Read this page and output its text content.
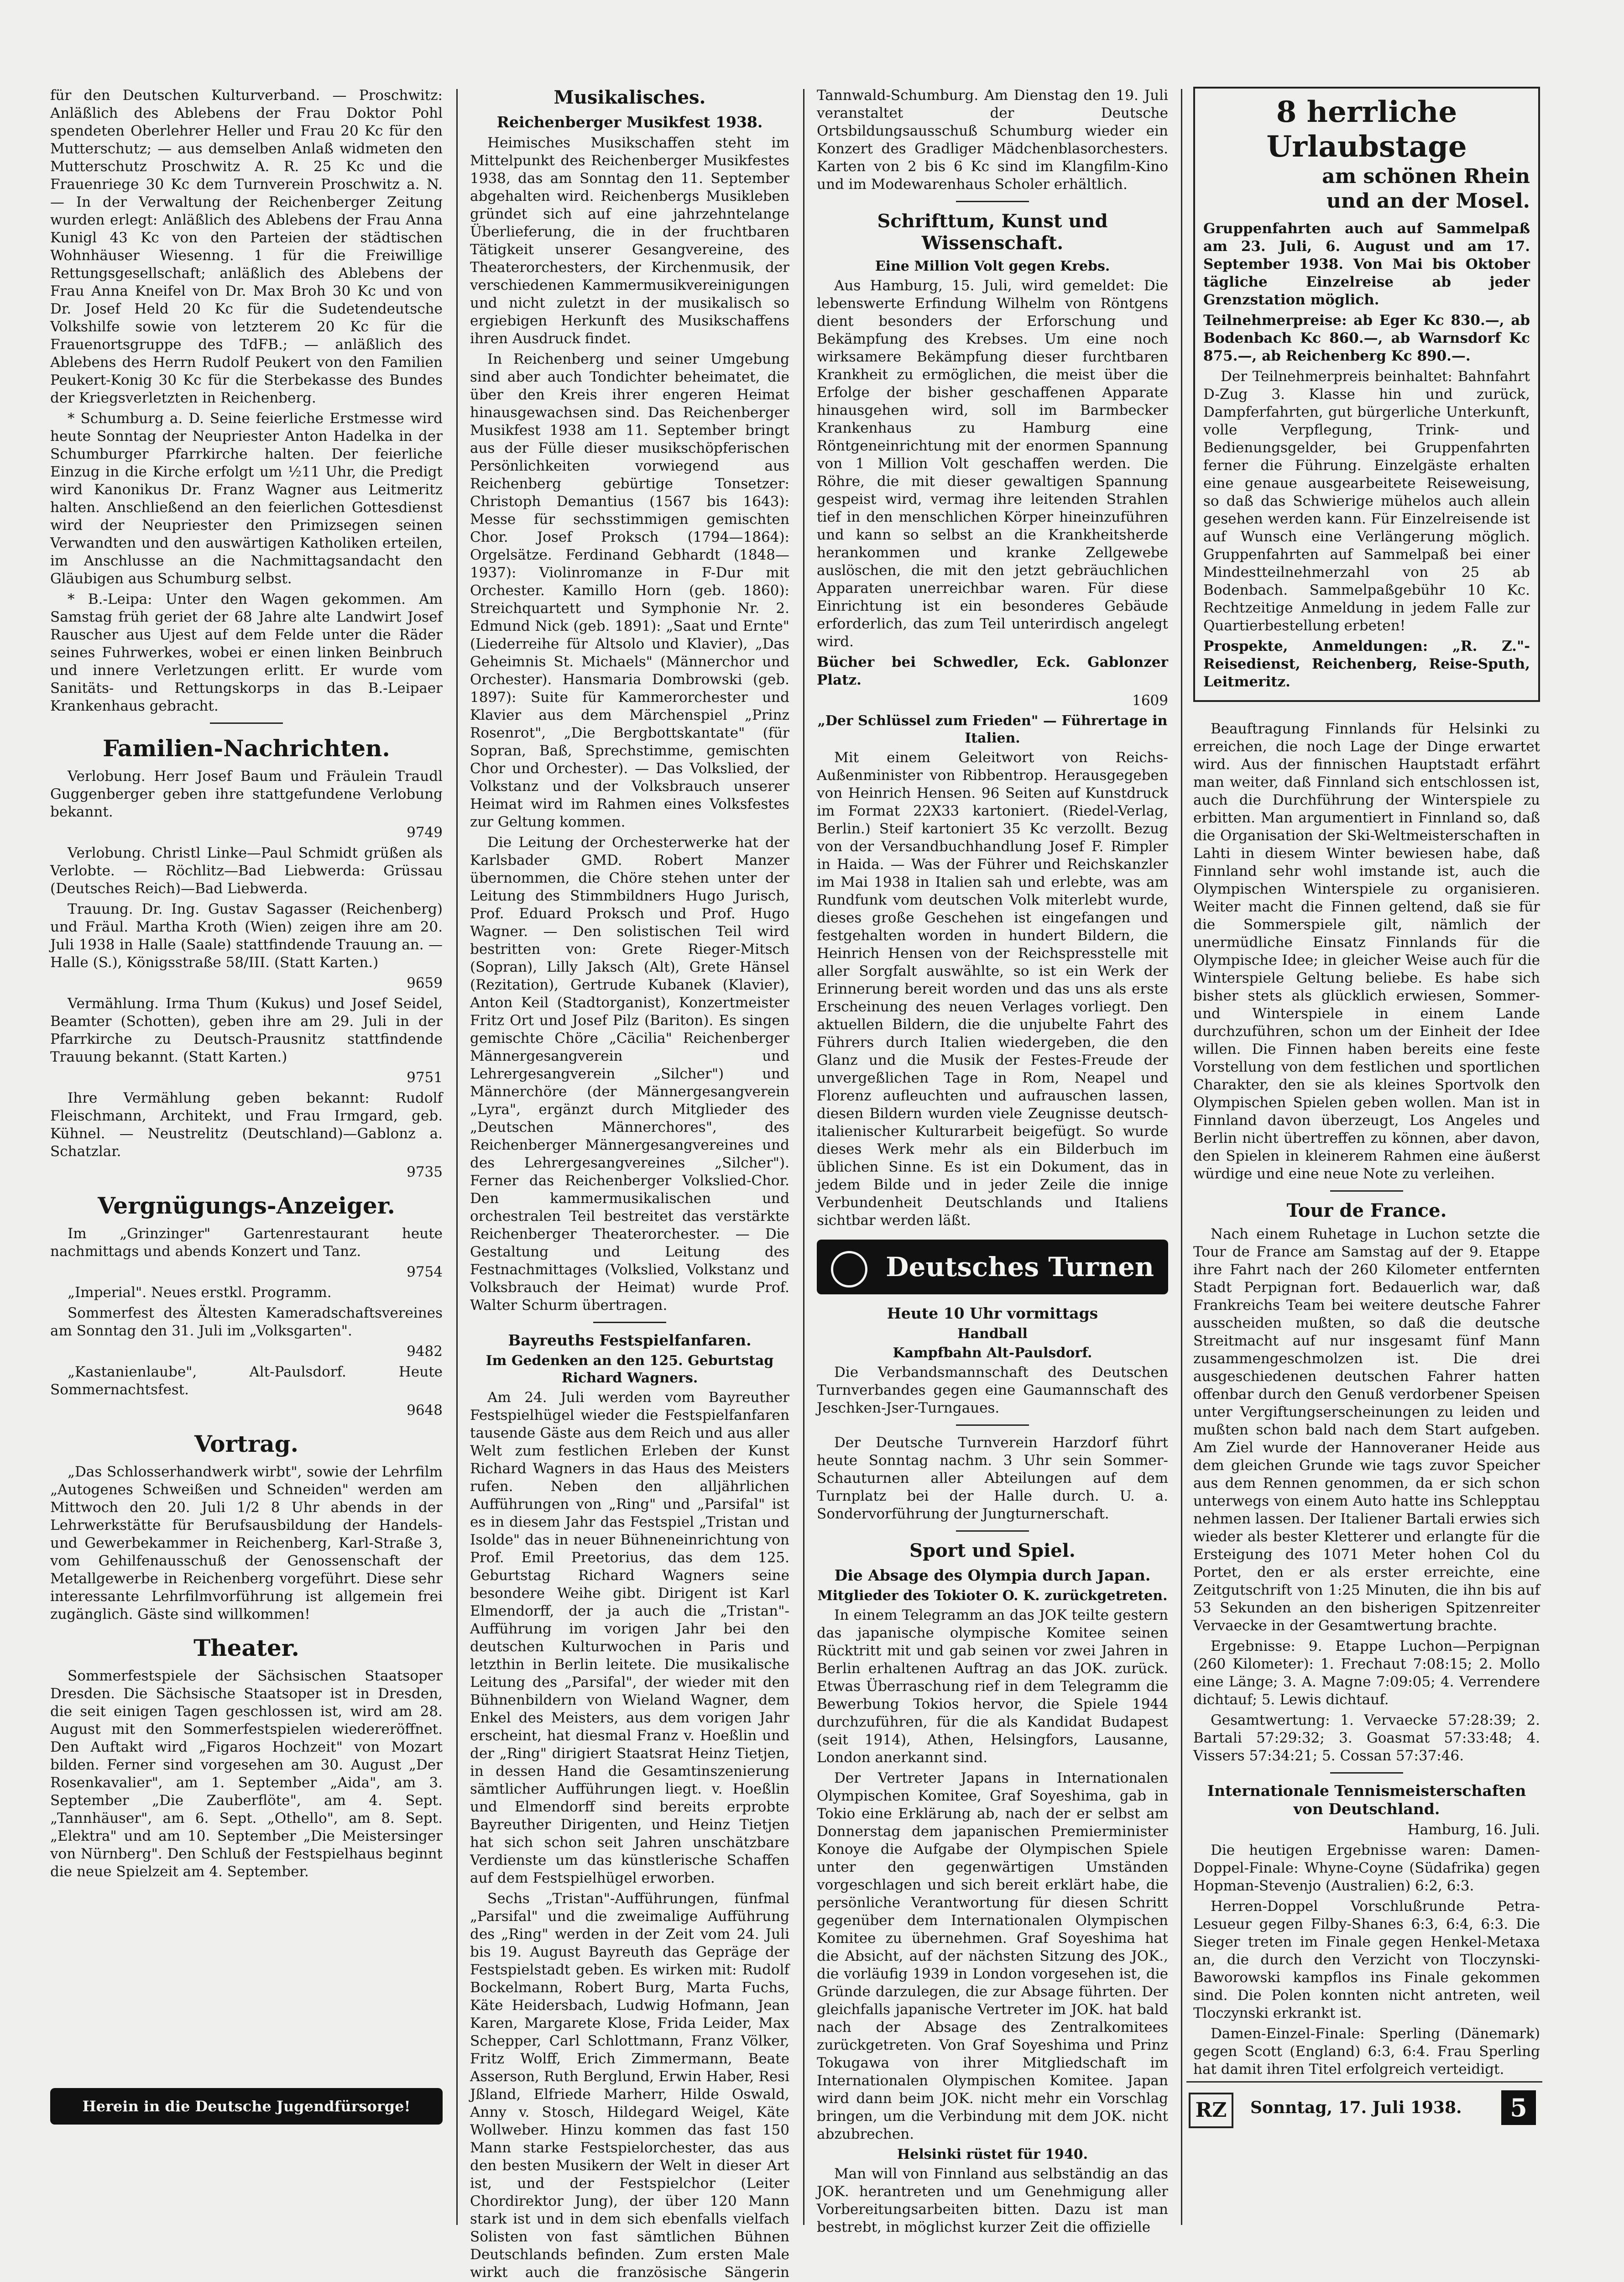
für den Deutschen Kulturverband. — Proschwitz: Anläßlich des Ablebens der Frau Doktor Pohl spendeten Oberlehrer Heller und Frau 20 Kc für den Mutterschutz; — aus demselben Anlaß widmeten den Mutterschutz Proschwitz A. R. 25 Kc und die Frauenriege 30 Kc dem Turnverein Proschwitz a. N. — In der Verwaltung der Reichenberger Zeitung wurden erlegt: Anläßlich des Ablebens der Frau Anna Kunigl 43 Kc von den Parteien der städtischen Wohnhäuser Wiesenng. 1 für die Freiwillige Rettungsgesellschaft; anläßlich des Ablebens der Frau Anna Kneifel von Dr. Max Broh 30 Kc und von Dr. Josef Held 20 Kc für die Sudetendeutsche Volkshilfe sowie von letzterem 20 Kc für die Frauenortsgruppe des TdFB.; — anläßlich des Ablebens des Herrn Rudolf Peukert von den Familien Peukert-Konig 30 Kc für die Sterbekasse des Bundes der Kriegsverletzten in Reichenberg.

* Schumburg a. D. Seine feierliche Erstmesse wird heute Sonntag der Neupriester Anton Hadelka in der Schumburger Pfarrkirche halten. Der feierliche Einzug in die Kirche erfolgt um ½11 Uhr, die Predigt wird Kanonikus Dr. Franz Wagner aus Leitmeritz halten. Anschließend an den feierlichen Gottesdienst wird der Neupriester den Primizsegen seinen Verwandten und den auswärtigen Katholiken erteilen, im Anschlusse an die Nachmittagsandacht den Gläubigen aus Schumburg selbst.

* B.-Leipa: Unter den Wagen gekommen. Am Samstag früh geriet der 68 Jahre alte Landwirt Josef Rauscher aus Ujest auf dem Felde unter die Räder seines Fuhrwerkes, wobei er einen linken Beinbruch und innere Verletzungen erlitt. Er wurde vom Sanitäts- und Rettungskorps in das B.-Leipaer Krankenhaus gebracht.

Familien-Nachrichten.

Verlobung. Herr Josef Baum und Fräulein Traudl Guggenberger geben ihre stattgefundene Verlobung bekannt.

9749

Verlobung. Christl Linke—Paul Schmidt grüßen als Verlobte. — Röchlitz—Bad Liebwerda: Grüssau (Deutsches Reich)—Bad Liebwerda.

Trauung. Dr. Ing. Gustav Sagasser (Reichenberg) und Fräul. Martha Kroth (Wien) zeigen ihre am 20. Juli 1938 in Halle (Saale) stattfindende Trauung an. — Halle (S.), Königsstraße 58/III. (Statt Karten.)

9659

Vermählung. Irma Thum (Kukus) und Josef Seidel, Beamter (Schotten), geben ihre am 29. Juli in der Pfarrkirche zu Deutsch-Prausnitz stattfindende Trauung bekannt. (Statt Karten.)

9751

Ihre Vermählung geben bekannt: Rudolf Fleischmann, Architekt, und Frau Irmgard, geb. Kühnel. — Neustrelitz (Deutschland)—Gablonz a. Schatzlar.

9735

Vergnügungs-Anzeiger.

Im „Grinzinger" Gartenrestaurant heute nachmittags und abends Konzert und Tanz.

9754

„Imperial". Neues erstkl. Programm.

Sommerfest des Ältesten Kameradschaftsvereines am Sonntag den 31. Juli im „Volksgarten".

9482

„Kastanienlaube", Alt-Paulsdorf. Heute Sommernachtsfest.

9648

Vortrag.

„Das Schlosserhandwerk wirbt", sowie der Lehrfilm „Autogenes Schweißen und Schneiden" werden am Mittwoch den 20. Juli 1/2 8 Uhr abends in der Lehrwerkstätte für Berufsausbildung der Handels- und Gewerbekammer in Reichenberg, Karl-Straße 3, vom Gehilfenausschuß der Genossenschaft der Metallgewerbe in Reichenberg vorgeführt. Diese sehr interessante Lehrfilmvorführung ist allgemein frei zugänglich. Gäste sind willkommen!

Theater.

Sommerfestspiele der Sächsischen Staatsoper Dresden. Die Sächsische Staatsoper ist in Dresden, die seit einigen Tagen geschlossen ist, wird am 28. August mit den Sommerfestspielen wiedereröffnet. Den Auftakt wird „Figaros Hochzeit" von Mozart bilden. Ferner sind vorgesehen am 30. August „Der Rosenkavalier", am 1. September „Aida", am 3. September „Die Zauberflöte", am 4. Sept. „Tannhäuser", am 6. Sept. „Othello", am 8. Sept. „Elektra" und am 10. September „Die Meistersinger von Nürnberg". Den Schluß der Festspielhaus beginnt die neue Spielzeit am 4. September.

Herein in die Deutsche Jugendfürsorge!
Musikalisches.
Reichenberger Musikfest 1938.

Heimisches Musikschaffen steht im Mittelpunkt des Reichenberger Musikfestes 1938, das am Sonntag den 11. September abgehalten wird. Reichenbergs Musikleben gründet sich auf eine jahrzehntelange Überlieferung, die in der fruchtbaren Tätigkeit unserer Gesangvereine, des Theaterorchesters, der Kirchenmusik, der verschiedenen Kammermusikvereinigungen und nicht zuletzt in der musikalisch so ergiebigen Herkunft des Musikschaffens ihren Ausdruck findet.

In Reichenberg und seiner Umgebung sind aber auch Tondichter beheimatet, die über den Kreis ihrer engeren Heimat hinausgewachsen sind. Das Reichenberger Musikfest 1938 am 11. September bringt aus der Fülle dieser musikschöpferischen Persönlichkeiten vorwiegend aus Reichenberg gebürtige Tonsetzer: Christoph Demantius (1567 bis 1643): Messe für sechsstimmigen gemischten Chor. Josef Proksch (1794—1864): Orgelsätze. Ferdinand Gebhardt (1848—1937): Violinromanze in F-Dur mit Orchester. Kamillo Horn (geb. 1860): Streichquartett und Symphonie Nr. 2. Edmund Nick (geb. 1891): „Saat und Ernte" (Liederreihe für Altsolo und Klavier), „Das Geheimnis St. Michaels" (Männerchor und Orchester). Hansmaria Dombrowski (geb. 1897): Suite für Kammerorchester und Klavier aus dem Märchenspiel „Prinz Rosenrot", „Die Bergbottskantate" (für Sopran, Baß, Sprechstimme, gemischten Chor und Orchester). — Das Volkslied, der Volkstanz und der Volksbrauch unserer Heimat wird im Rahmen eines Volksfestes zur Geltung kommen.

Die Leitung der Orchesterwerke hat der Karlsbader GMD. Robert Manzer übernommen, die Chöre stehen unter der Leitung des Stimmbildners Hugo Jurisch, Prof. Eduard Proksch und Prof. Hugo Wagner. — Den solistischen Teil wird bestritten von: Grete Rieger-Mitsch (Sopran), Lilly Jaksch (Alt), Grete Hänsel (Rezitation), Gertrude Kubanek (Klavier), Anton Keil (Stadtorganist), Konzertmeister Fritz Ort und Josef Pilz (Bariton). Es singen gemischte Chöre „Cäcilia" Reichenberger Männergesangverein und Lehrergesangverein „Silcher") und Männerchöre (der Männergesangverein „Lyra", ergänzt durch Mitglieder des „Deutschen Männerchores", des Reichenberger Männergesangvereines und des Lehrergesangvereines „Silcher"). Ferner das Reichenberger Volkslied-Chor. Den kammermusikalischen und orchestralen Teil bestreitet das verstärkte Reichenberger Theaterorchester. — Die Gestaltung und Leitung des Festnachmittages (Volkslied, Volkstanz und Volksbrauch der Heimat) wurde Prof. Walter Schurm übertragen.

Bayreuths Festspielfanfaren.
Im Gedenken an den 125. Geburtstag Richard Wagners.

Am 24. Juli werden vom Bayreuther Festspielhügel wieder die Festspielfanfaren tausende Gäste aus dem Reich und aus aller Welt zum festlichen Erleben der Kunst Richard Wagners in das Haus des Meisters rufen. Neben den alljährlichen Aufführungen von „Ring" und „Parsifal" ist es in diesem Jahr das Festspiel „Tristan und Isolde" das in neuer Bühneneinrichtung von Prof. Emil Preetorius, das dem 125. Geburtstag Richard Wagners seine besondere Weihe gibt. Dirigent ist Karl Elmendorff, der ja auch die „Tristan"-Aufführung im vorigen Jahr bei den deutschen Kulturwochen in Paris und letzthin in Berlin leitete. Die musikalische Leitung des „Parsifal", der wieder mit den Bühnenbildern von Wieland Wagner, dem Enkel des Meisters, aus dem vorigen Jahr erscheint, hat diesmal Franz v. Hoeßlin und der „Ring" dirigiert Staatsrat Heinz Tietjen, in dessen Hand die Gesamtinszenierung sämtlicher Aufführungen liegt. v. Hoeßlin und Elmendorff sind bereits erprobte Bayreuther Dirigenten, und Heinz Tietjen hat sich schon seit Jahren unschätzbare Verdienste um das künstlerische Schaffen auf dem Festspielhügel erworben.

Sechs „Tristan"-Aufführungen, fünfmal „Parsifal" und die zweimalige Aufführung des „Ring" werden in der Zeit vom 24. Juli bis 19. August Bayreuth das Gepräge der Festspielstadt geben. Es wirken mit: Rudolf Bockelmann, Robert Burg, Marta Fuchs, Käte Heidersbach, Ludwig Hofmann, Jean Karen, Margarete Klose, Frida Leider, Max Schepper, Carl Schlottmann, Franz Völker, Fritz Wolff, Erich Zimmermann, Beate Asserson, Ruth Berglund, Erwin Haber, Resi Jßland, Elfriede Marherr, Hilde Oswald, Anny v. Stosch, Hildegard Weigel, Käte Wollweber. Hinzu kommen das fast 150 Mann starke Festspielorchester, das aus den besten Musikern der Welt in dieser Art ist, und der Festspielchor (Leiter Chordirektor Jung), der über 120 Mann stark ist und in dem sich ebenfalls vielfach Solisten von fast sämtlichen Bühnen Deutschlands befinden. Zum ersten Male wirkt auch die französische Sängerin

Tannwald-Schumburg. Am Dienstag den 19. Juli veranstaltet der Deutsche Ortsbildungsausschuß Schumburg wieder ein Konzert des Gradliger Mädchenblasorchesters. Karten von 2 bis 6 Kc sind im Klangfilm-Kino und im Modewarenhaus Scholer erhältlich.

Schrifttum, Kunst und Wissenschaft.
Eine Million Volt gegen Krebs.

Aus Hamburg, 15. Juli, wird gemeldet: Die lebenswerte Erfindung Wilhelm von Röntgens dient besonders der Erforschung und Bekämpfung des Krebses. Um eine noch wirksamere Bekämpfung dieser furchtbaren Krankheit zu ermöglichen, die meist über die Erfolge der bisher geschaffenen Apparate hinausgehen wird, soll im Barmbecker Krankenhaus zu Hamburg eine Röntgeneinrichtung mit der enormen Spannung von 1 Million Volt geschaffen werden. Die Röhre, die mit dieser gewaltigen Spannung gespeist wird, vermag ihre leitenden Strahlen tief in den menschlichen Körper hineinzuführen und kann so selbst an die Krankheitsherde herankommen und kranke Zellgewebe auslöschen, die mit den jetzt gebräuchlichen Apparaten unerreichbar waren. Für diese Einrichtung ist ein besonderes Gebäude erforderlich, das zum Teil unterirdisch angelegt wird.

Bücher bei Schwedler, Eck. Gablonzer Platz.

1609

„Der Schlüssel zum Frieden" — Führertage in Italien.

Mit einem Geleitwort von Reichs-Außenminister von Ribbentrop. Herausgegeben von Heinrich Hensen. 96 Seiten auf Kunstdruck im Format 22X33 kartoniert. (Riedel-Verlag, Berlin.) Steif kartoniert 35 Kc verzollt. Bezug von der Versandbuchhandlung Josef F. Rimpler in Haida. — Was der Führer und Reichskanzler im Mai 1938 in Italien sah und erlebte, was am Rundfunk vom deutschen Volk miterlebt wurde, dieses große Geschehen ist eingefangen und festgehalten worden in hundert Bildern, die Heinrich Hensen von der Reichspresstelle mit aller Sorgfalt auswählte, so ist ein Werk der Erinnerung bereit worden und das uns als erste Erscheinung des neuen Verlages vorliegt. Den aktuellen Bildern, die die unjubelte Fahrt des Führers durch Italien wiedergeben, die den Glanz und die Musik der Festes-Freude der unvergeßlichen Tage in Rom, Neapel und Florenz aufleuchten und aufrauschen lassen, diesen Bildern wurden viele Zeugnisse deutsch-italienischer Kulturarbeit beigefügt. So wurde dieses Werk mehr als ein Bilderbuch im üblichen Sinne. Es ist ein Dokument, das in jedem Bilde und in jeder Zeile die innige Verbundenheit Deutschlands und Italiens sichtbar werden läßt.

Deutsches Turnen
Heute 10 Uhr vormittags
Handball
Kampfbahn Alt-Paulsdorf.

Die Verbandsmannschaft des Deutschen Turnverbandes gegen eine Gaumannschaft des Jeschken-Jser-Turngaues.

Der Deutsche Turnverein Harzdorf führt heute Sonntag nachm. 3 Uhr sein Sommer-Schauturnen aller Abteilungen auf dem Turnplatz bei der Halle durch. U. a. Sondervorführung der Jungturnerschaft.

Sport und Spiel.
Die Absage des Olympia durch Japan.
Mitglieder des Tokioter O. K. zurückgetreten.

In einem Telegramm an das JOK teilte gestern das japanische olympische Komitee seinen Rücktritt mit und gab seinen vor zwei Jahren in Berlin erhaltenen Auftrag an das JOK. zurück. Etwas Überraschung rief in dem Telegramm die Bewerbung Tokios hervor, die Spiele 1944 durchzuführen, für die als Kandidat Budapest (seit 1914), Athen, Helsingfors, Lausanne, London anerkannt sind.

Der Vertreter Japans in Internationalen Olympischen Komitee, Graf Soyeshima, gab in Tokio eine Erklärung ab, nach der er selbst am Donnerstag dem japanischen Premierminister Konoye die Aufgabe der Olympischen Spiele unter den gegenwärtigen Umständen vorgeschlagen und sich bereit erklärt habe, die persönliche Verantwortung für diesen Schritt gegenüber dem Internationalen Olympischen Komitee zu übernehmen. Graf Soyeshima hat die Absicht, auf der nächsten Sitzung des JOK., die vorläufig 1939 in London vorgesehen ist, die Gründe darzulegen, die zur Absage führten. Der gleichfalls japanische Vertreter im JOK. hat bald nach der Absage des Zentralkomitees zurückgetreten. Von Graf Soyeshima und Prinz Tokugawa von ihrer Mitgliedschaft im Internationalen Olympischen Komitee. Japan wird dann beim JOK. nicht mehr ein Vorschlag bringen, um die Verbindung mit dem JOK. nicht abzubrechen.

Helsinki rüstet für 1940.

Man will von Finnland aus selbständig an das JOK. herantreten und um Genehmigung aller Vorbereitungsarbeiten bitten. Dazu ist man bestrebt, in möglichst kurzer Zeit die offizielle

8 herrliche Urlaubstage
am schönen Rhein
und an der Mosel.

Gruppenfahrten auch auf Sammelpaß am 23. Juli, 6. August und am 17. September 1938. Von Mai bis Oktober tägliche Einzelreise ab jeder Grenzstation möglich.

Teilnehmerpreise: ab Eger Kc 830.—, ab Bodenbach Kc 860.—, ab Warnsdorf Kc 875.—, ab Reichenberg Kc 890.—.

Der Teilnehmerpreis beinhaltet: Bahnfahrt D-Zug 3. Klasse hin und zurück, Dampferfahrten, gut bürgerliche Unterkunft, volle Verpflegung, Trink- und Bedienungsgelder, bei Gruppenfahrten ferner die Führung. Einzelgäste erhalten eine genaue ausgearbeitete Reiseweisung, so daß das Schwierige mühelos auch allein gesehen werden kann. Für Einzelreisende ist auf Wunsch eine Verlängerung möglich. Gruppenfahrten auf Sammelpaß bei einer Mindestteilnehmerzahl von 25 ab Bodenbach. Sammelpaßgebühr 10 Kc. Rechtzeitige Anmeldung in jedem Falle zur Quartierbestellung erbeten!

Prospekte, Anmeldungen: „R. Z."-Reisedienst, Reichenberg, Reise-Sputh, Leitmeritz.

Beauftragung Finnlands für Helsinki zu erreichen, die noch Lage der Dinge erwartet wird. Aus der finnischen Hauptstadt erfährt man weiter, daß Finnland sich entschlossen ist, auch die Durchführung der Winterspiele zu erbitten. Man argumentiert in Finnland so, daß die Organisation der Ski-Weltmeisterschaften in Lahti in diesem Winter bewiesen habe, daß Finnland sehr wohl imstande ist, auch die Olympischen Winterspiele zu organisieren. Weiter macht die Finnen geltend, daß sie für die Sommerspiele gilt, nämlich der unermüdliche Einsatz Finnlands für die Olympische Idee; in gleicher Weise auch für die Winterspiele Geltung beliebe. Es habe sich bisher stets als glücklich erwiesen, Sommer- und Winterspiele in einem Lande durchzuführen, schon um der Einheit der Idee willen. Die Finnen haben bereits eine feste Vorstellung von dem festlichen und sportlichen Charakter, den sie als kleines Sportvolk den Olympischen Spielen geben wollen. Man ist in Finnland davon überzeugt, Los Angeles und Berlin nicht übertreffen zu können, aber davon, den Spielen in kleinerem Rahmen eine äußerst würdige und eine neue Note zu verleihen.

Tour de France.

Nach einem Ruhetage in Luchon setzte die Tour de France am Samstag auf der 9. Etappe ihre Fahrt nach der 260 Kilometer entfernten Stadt Perpignan fort. Bedauerlich war, daß Frankreichs Team bei weitere deutsche Fahrer ausscheiden mußten, so daß die deutsche Streitmacht auf nur insgesamt fünf Mann zusammengeschmolzen ist. Die drei ausgeschiedenen deutschen Fahrer hatten offenbar durch den Genuß verdorbener Speisen unter Vergiftungserscheinungen zu leiden und mußten schon bald nach dem Start aufgeben. Am Ziel wurde der Hannoveraner Heide aus dem gleichen Grunde wie tags zuvor Speicher aus dem Rennen genommen, da er sich schon unterwegs von einem Auto hatte ins Schlepptau nehmen lassen. Der Italiener Bartali erwies sich wieder als bester Kletterer und erlangte für die Ersteigung des 1071 Meter hohen Col du Portet, den er als erster erreichte, eine Zeitgutschrift von 1:25 Minuten, die ihn bis auf 53 Sekunden an den bisherigen Spitzenreiter Vervaecke in der Gesamtwertung brachte.

Ergebnisse: 9. Etappe Luchon—Perpignan (260 Kilometer): 1. Frechaut 7:08:15; 2. Mollo eine Länge; 3. A. Magne 7:09:05; 4. Verrendere dichtauf; 5. Lewis dichtauf.

Gesamtwertung: 1. Vervaecke 57:28:39; 2. Bartali 57:29:32; 3. Goasmat 57:33:48; 4. Vissers 57:34:21; 5. Cossan 57:37:46.

Internationale Tennismeisterschaften von Deutschland.

Hamburg, 16. Juli.

Die heutigen Ergebnisse waren: Damen-Doppel-Finale: Whyne-Coyne (Südafrika) gegen Hopman-Stevenjo (Australien) 6:2, 6:3.

Herren-Doppel Vorschlußrunde Petra-Lesueur gegen Filby-Shanes 6:3, 6:4, 6:3. Die Sieger treten im Finale gegen Henkel-Metaxa an, die durch den Verzicht von Tloczynski-Baworowski kampflos ins Finale gekommen sind. Die Polen konnten nicht antreten, weil Tloczynski erkrankt ist.

Damen-Einzel-Finale: Sperling (Dänemark) gegen Scott (England) 6:3, 6:4. Frau Sperling hat damit ihren Titel erfolgreich verteidigt.

RZ	Sonntag, 17. Juli 1938.	5
